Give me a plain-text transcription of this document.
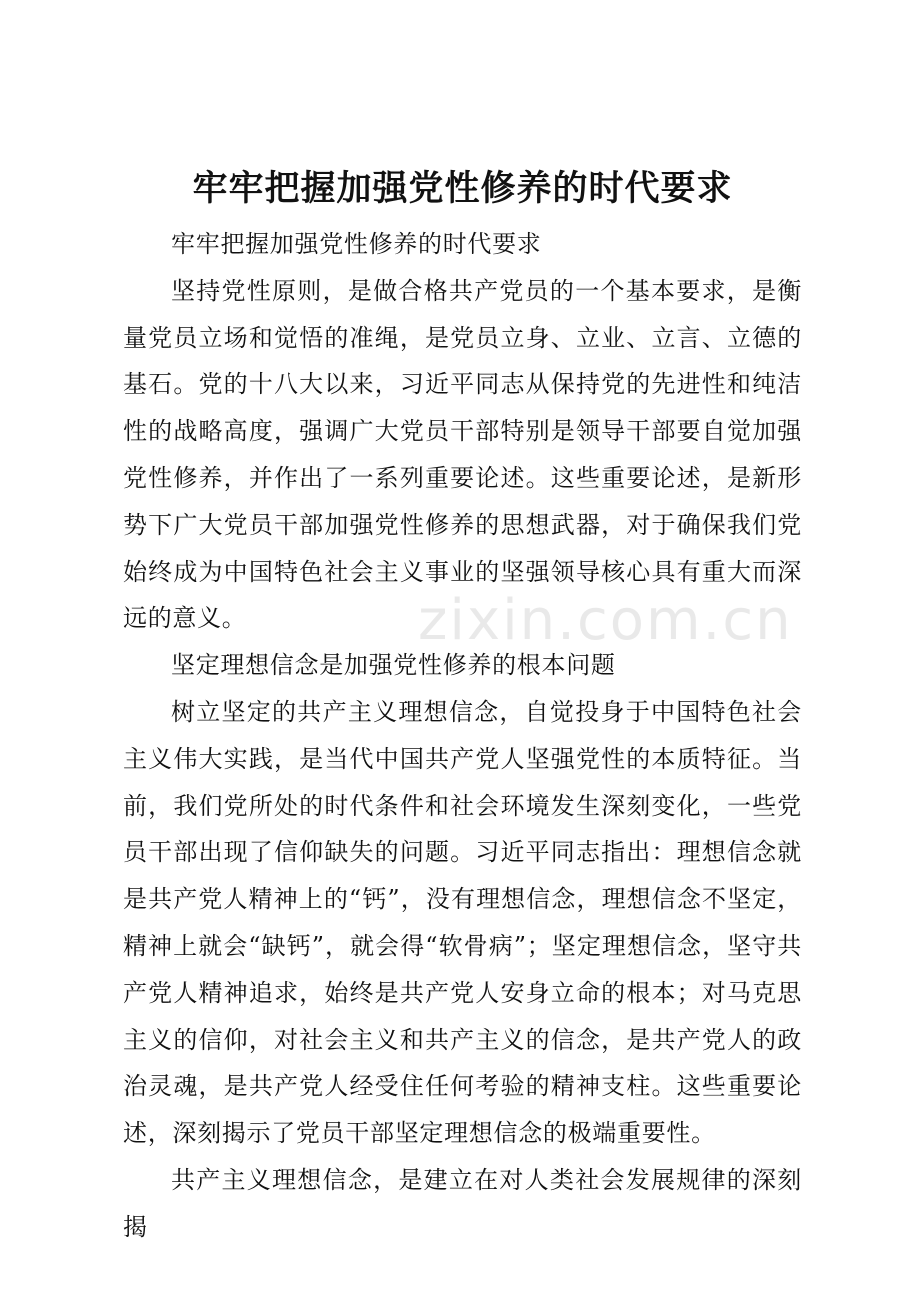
牢牢把握加强党性修养的时代要求

牢牢把握加强党性修养的时代要求

坚持党性原则，是做合格共产党员的一个基本要求，是衡量党员立场和觉悟的准绳，是党员立身、立业、立言、立德的基石。党的十八大以来，习近平同志从保持党的先进性和纯洁性的战略高度，强调广大党员干部特别是领导干部要自觉加强党性修养，并作出了一系列重要论述。这些重要论述，是新形势下广大党员干部加强党性修养的思想武器，对于确保我们党始终成为中国特色社会主义事业的坚强领导核心具有重大而深远的意义。

坚定理想信念是加强党性修养的根本问题

树立坚定的共产主义理想信念，自觉投身于中国特色社会主义伟大实践，是当代中国共产党人坚强党性的本质特征。当前，我们党所处的时代条件和社会环境发生深刻变化，一些党员干部出现了信仰缺失的问题。习近平同志指出：理想信念就是共产党人精神上的“钙”，没有理想信念，理想信念不坚定，精神上就会“缺钙”，就会得“软骨病”；坚定理想信念，坚守共产党人精神追求，始终是共产党人安身立命的根本；对马克思主义的信仰，对社会主义和共产主义的信念，是共产党人的政治灵魂，是共产党人经受住任何考验的精神支柱。这些重要论述，深刻揭示了党员干部坚定理想信念的极端重要性。

共产主义理想信念，是建立在对人类社会发展规律的深刻揭

zixin.com.cn
